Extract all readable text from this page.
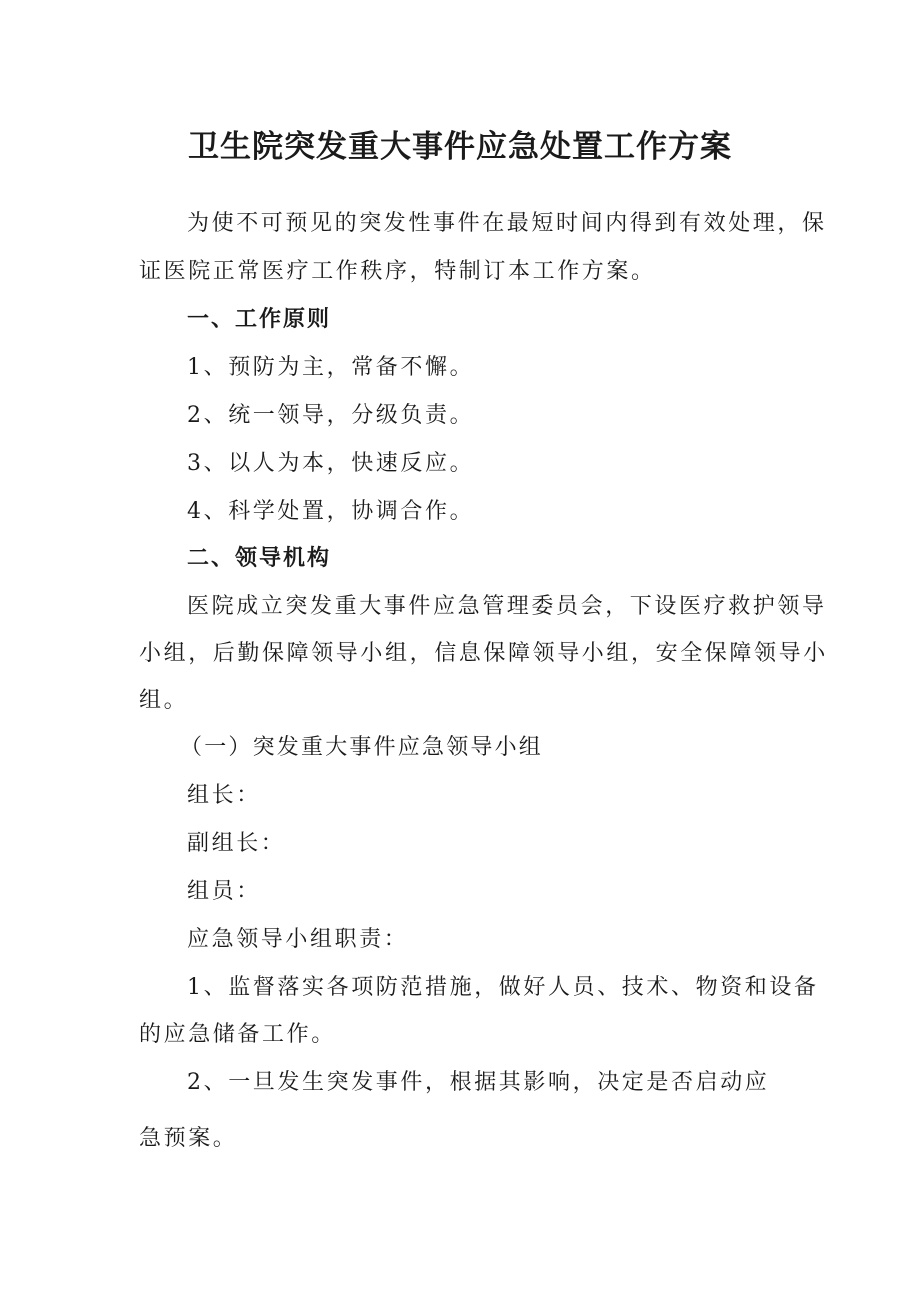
卫生院突发重大事件应急处置工作方案
为使不可预见的突发性事件在最短时间内得到有效处理，保
证医院正常医疗工作秩序，特制订本工作方案。
一、工作原则
1、预防为主，常备不懈。
2、统一领导，分级负责。
3、以人为本，快速反应。
4、科学处置，协调合作。
二、领导机构
医院成立突发重大事件应急管理委员会，下设医疗救护领导
小组，后勤保障领导小组，信息保障领导小组，安全保障领导小
组。
（一）突发重大事件应急领导小组
组长：
副组长：
组员：
应急领导小组职责：
1、监督落实各项防范措施，做好人员、技术、物资和设备
的应急储备工作。
2、一旦发生突发事件，根据其影响，决定是否启动应
急预案。
